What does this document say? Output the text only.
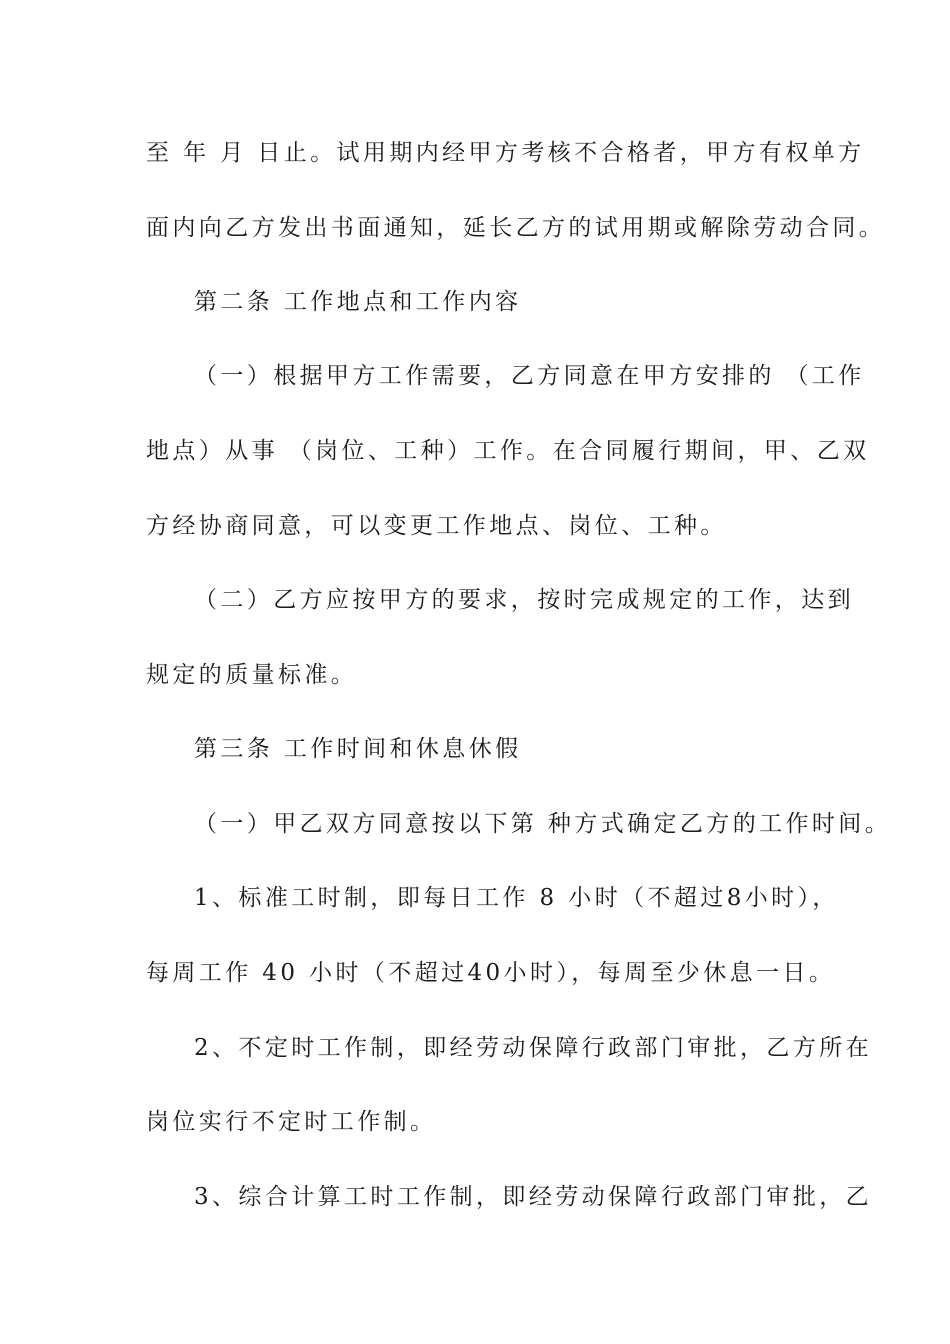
至 年 月 日止。试用期内经甲方考核不合格者，甲方有权单方
面内向乙方发出书面通知，延长乙方的试用期或解除劳动合同。
第二条 工作地点和工作内容
（一）根据甲方工作需要，乙方同意在甲方安排的 （工作
地点）从事 （岗位、工种）工作。在合同履行期间，甲、乙双
方经协商同意，可以变更工作地点、岗位、工种。
（二）乙方应按甲方的要求，按时完成规定的工作，达到
规定的质量标准。
第三条 工作时间和休息休假
（一）甲乙双方同意按以下第 种方式确定乙方的工作时间。
1、标准工时制，即每日工作 8 小时（不超过8小时），
每周工作 40 小时（不超过40小时），每周至少休息一日。
2、不定时工作制，即经劳动保障行政部门审批，乙方所在
岗位实行不定时工作制。
3、综合计算工时工作制，即经劳动保障行政部门审批，乙
